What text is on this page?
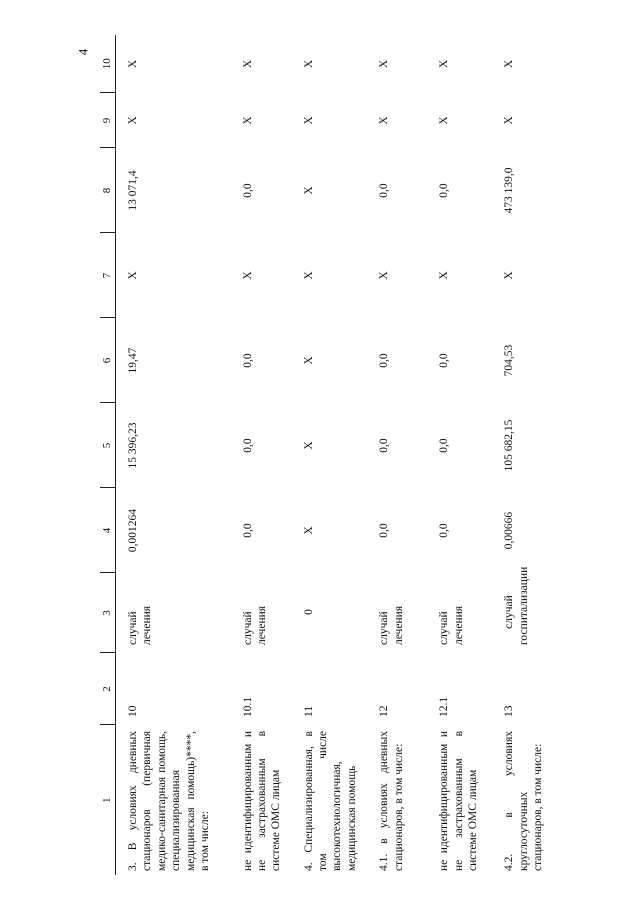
4
1	2	3	4	5	6	7	8	9	10

3. В условиях дневных стационаров (первичная медико-санитарная помощь, специализированная медицинская помощь)****, в том числе:	10	случай лечения	0,001264	15 396,23	19,47	X	13 071,4	X	X

не идентифицированным и не застрахованным в системе ОМС лицам	10.1	случай лечения	0,0	0,0	0,0	X	0,0	X	X

4. Специализированная, в том числе высокотехнологичная, медицинская помощь	11	0	X	X	X	X	X	X	X

4.1. в условиях дневных стационаров, в том числе:	12	случай лечения	0,0	0,0	0,0	X	0,0	X	X

не идентифицированным и не застрахованным в системе ОМС лицам	12.1	случай лечения	0,0	0,0	0,0	X	0,0	X	X

4.2. в условиях круглосуточных стационаров, в том числе:	13	случай госпитализации	0,00666	105 682,15	704,53	X	473 139,0	X	X
